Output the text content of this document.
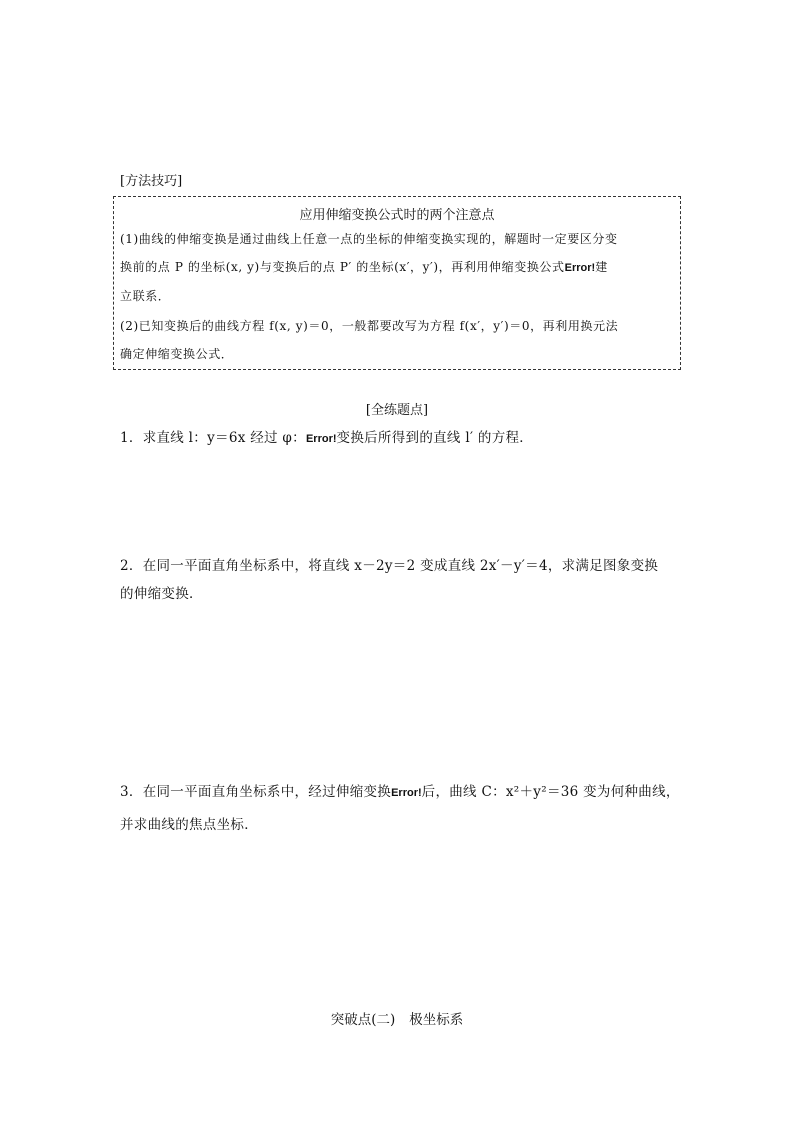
[方法技巧]
应用伸缩变换公式时的两个注意点
(1)曲线的伸缩变换是通过曲线上任意一点的坐标的伸缩变换实现的，解题时一定要区分变
换前的点 P 的坐标(x, y)与变换后的点 P′ 的坐标(x′，y′)，再利用伸缩变换公式Error!建
立联系．
(2)已知变换后的曲线方程 f(x, y)＝0，一般都要改写为方程 f(x′，y′)＝0，再利用换元法
确定伸缩变换公式．
[全练题点]
1．求直线 l：y＝6x 经过 φ：Error!变换后所得到的直线 l′ 的方程．
2．在同一平面直角坐标系中，将直线 x－2y＝2 变成直线 2x′－y′＝4，求满足图象变换
的伸缩变换．
3．在同一平面直角坐标系中，经过伸缩变换Error!后，曲线 C：x²＋y²＝36 变为何种曲线，
并求曲线的焦点坐标．
突破点(二) 极坐标系
